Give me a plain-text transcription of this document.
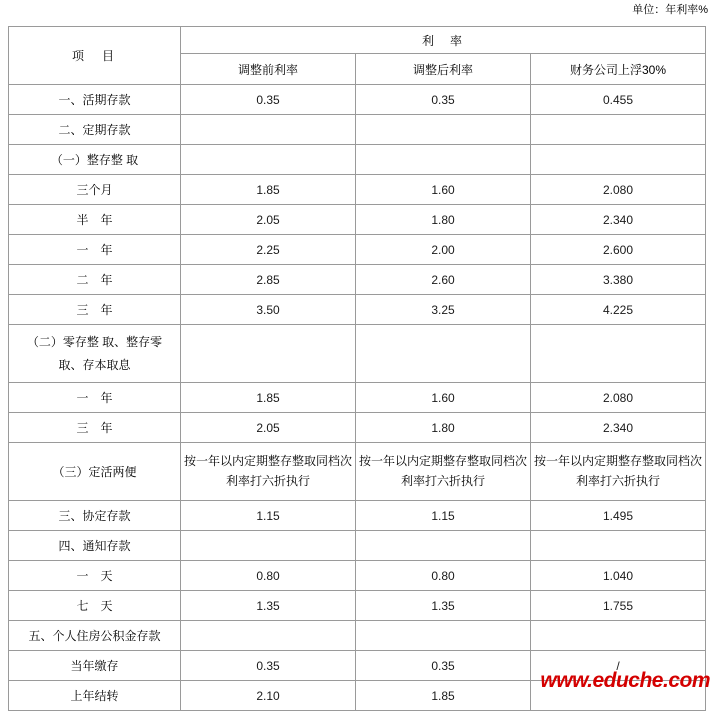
单位：年利率%
项　目	利　率		
	调整前利率	调整后利率	财务公司上浮30%
一、活期存款	0.35	0.35	0.455
二、定期存款			
（一）整存整 取			
三个月	1.85	1.60	2.080
半　年	2.05	1.80	2.340
一　年	2.25	2.00	2.600
二　年	2.85	2.60	3.380
三　年	3.50	3.25	4.225

（二）零存整 取、整存零
取、存本取息			

一　年	1.85	1.60	2.080
三　年	2.05	1.80	2.340
（三）定活两便	按一年以内定期整存整取同档次利率打六折执行	按一年以内定期整存整取同档次利率打六折执行	按一年以内定期整存整取同档次利率打六折执行
三、协定存款	1.15	1.15	1.495
四、通知存款			
一　天	0.80	0.80	1.040
七　天	1.35	1.35	1.755
五、个人住房公积金存款			
当年缴存	0.35	0.35	/
上年结转	2.10	1.85	
www.eduche.com
